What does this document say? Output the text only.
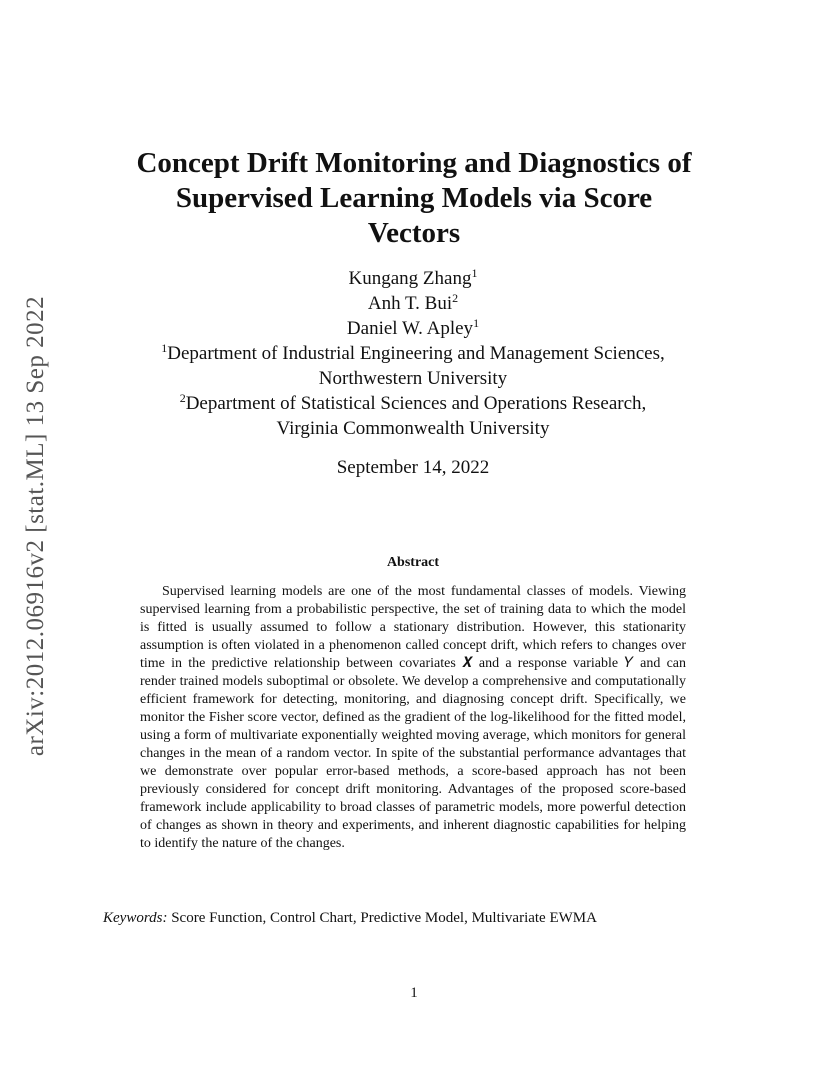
arXiv:2012.06916v2 [stat.ML] 13 Sep 2022
Concept Drift Monitoring and Diagnostics of
Supervised Learning Models via Score
Vectors
Kungang Zhang$^1$
Anh T. Bui$^2$
Daniel W. Apley$^1$
$^1$Department of Industrial Engineering and Management Sciences,
Northwestern University
$^2$Department of Statistical Sciences and Operations Research,
Virginia Commonwealth University
September 14, 2022
Abstract
Supervised learning models are one of the most fundamental classes of models. Viewing supervised learning from a probabilistic perspective, the set of training data to which the model is fitted is usually assumed to follow a stationary distribution. However, this stationarity assumption is often violated in a phenomenon called concept drift, which refers to changes over time in the predictive relationship between covariates 𝑿 and a response variable 𝑌 and can render trained models suboptimal or obsolete. We develop a comprehensive and computationally efficient framework for detecting, monitoring, and diagnosing concept drift. Specifically, we monitor the Fisher score vector, defined as the gradient of the log-likelihood for the fitted model, using a form of multivariate exponentially weighted moving average, which monitors for general changes in the mean of a random vector. In spite of the substantial performance advantages that we demonstrate over popular error-based methods, a score-based approach has not been previously considered for concept drift monitoring. Advantages of the proposed score-based framework include applicability to broad classes of parametric models, more powerful detection of changes as shown in theory and experiments, and inherent diagnostic capabilities for helping to identify the nature of the changes.
Keywords: Score Function, Control Chart, Predictive Model, Multivariate EWMA
1
